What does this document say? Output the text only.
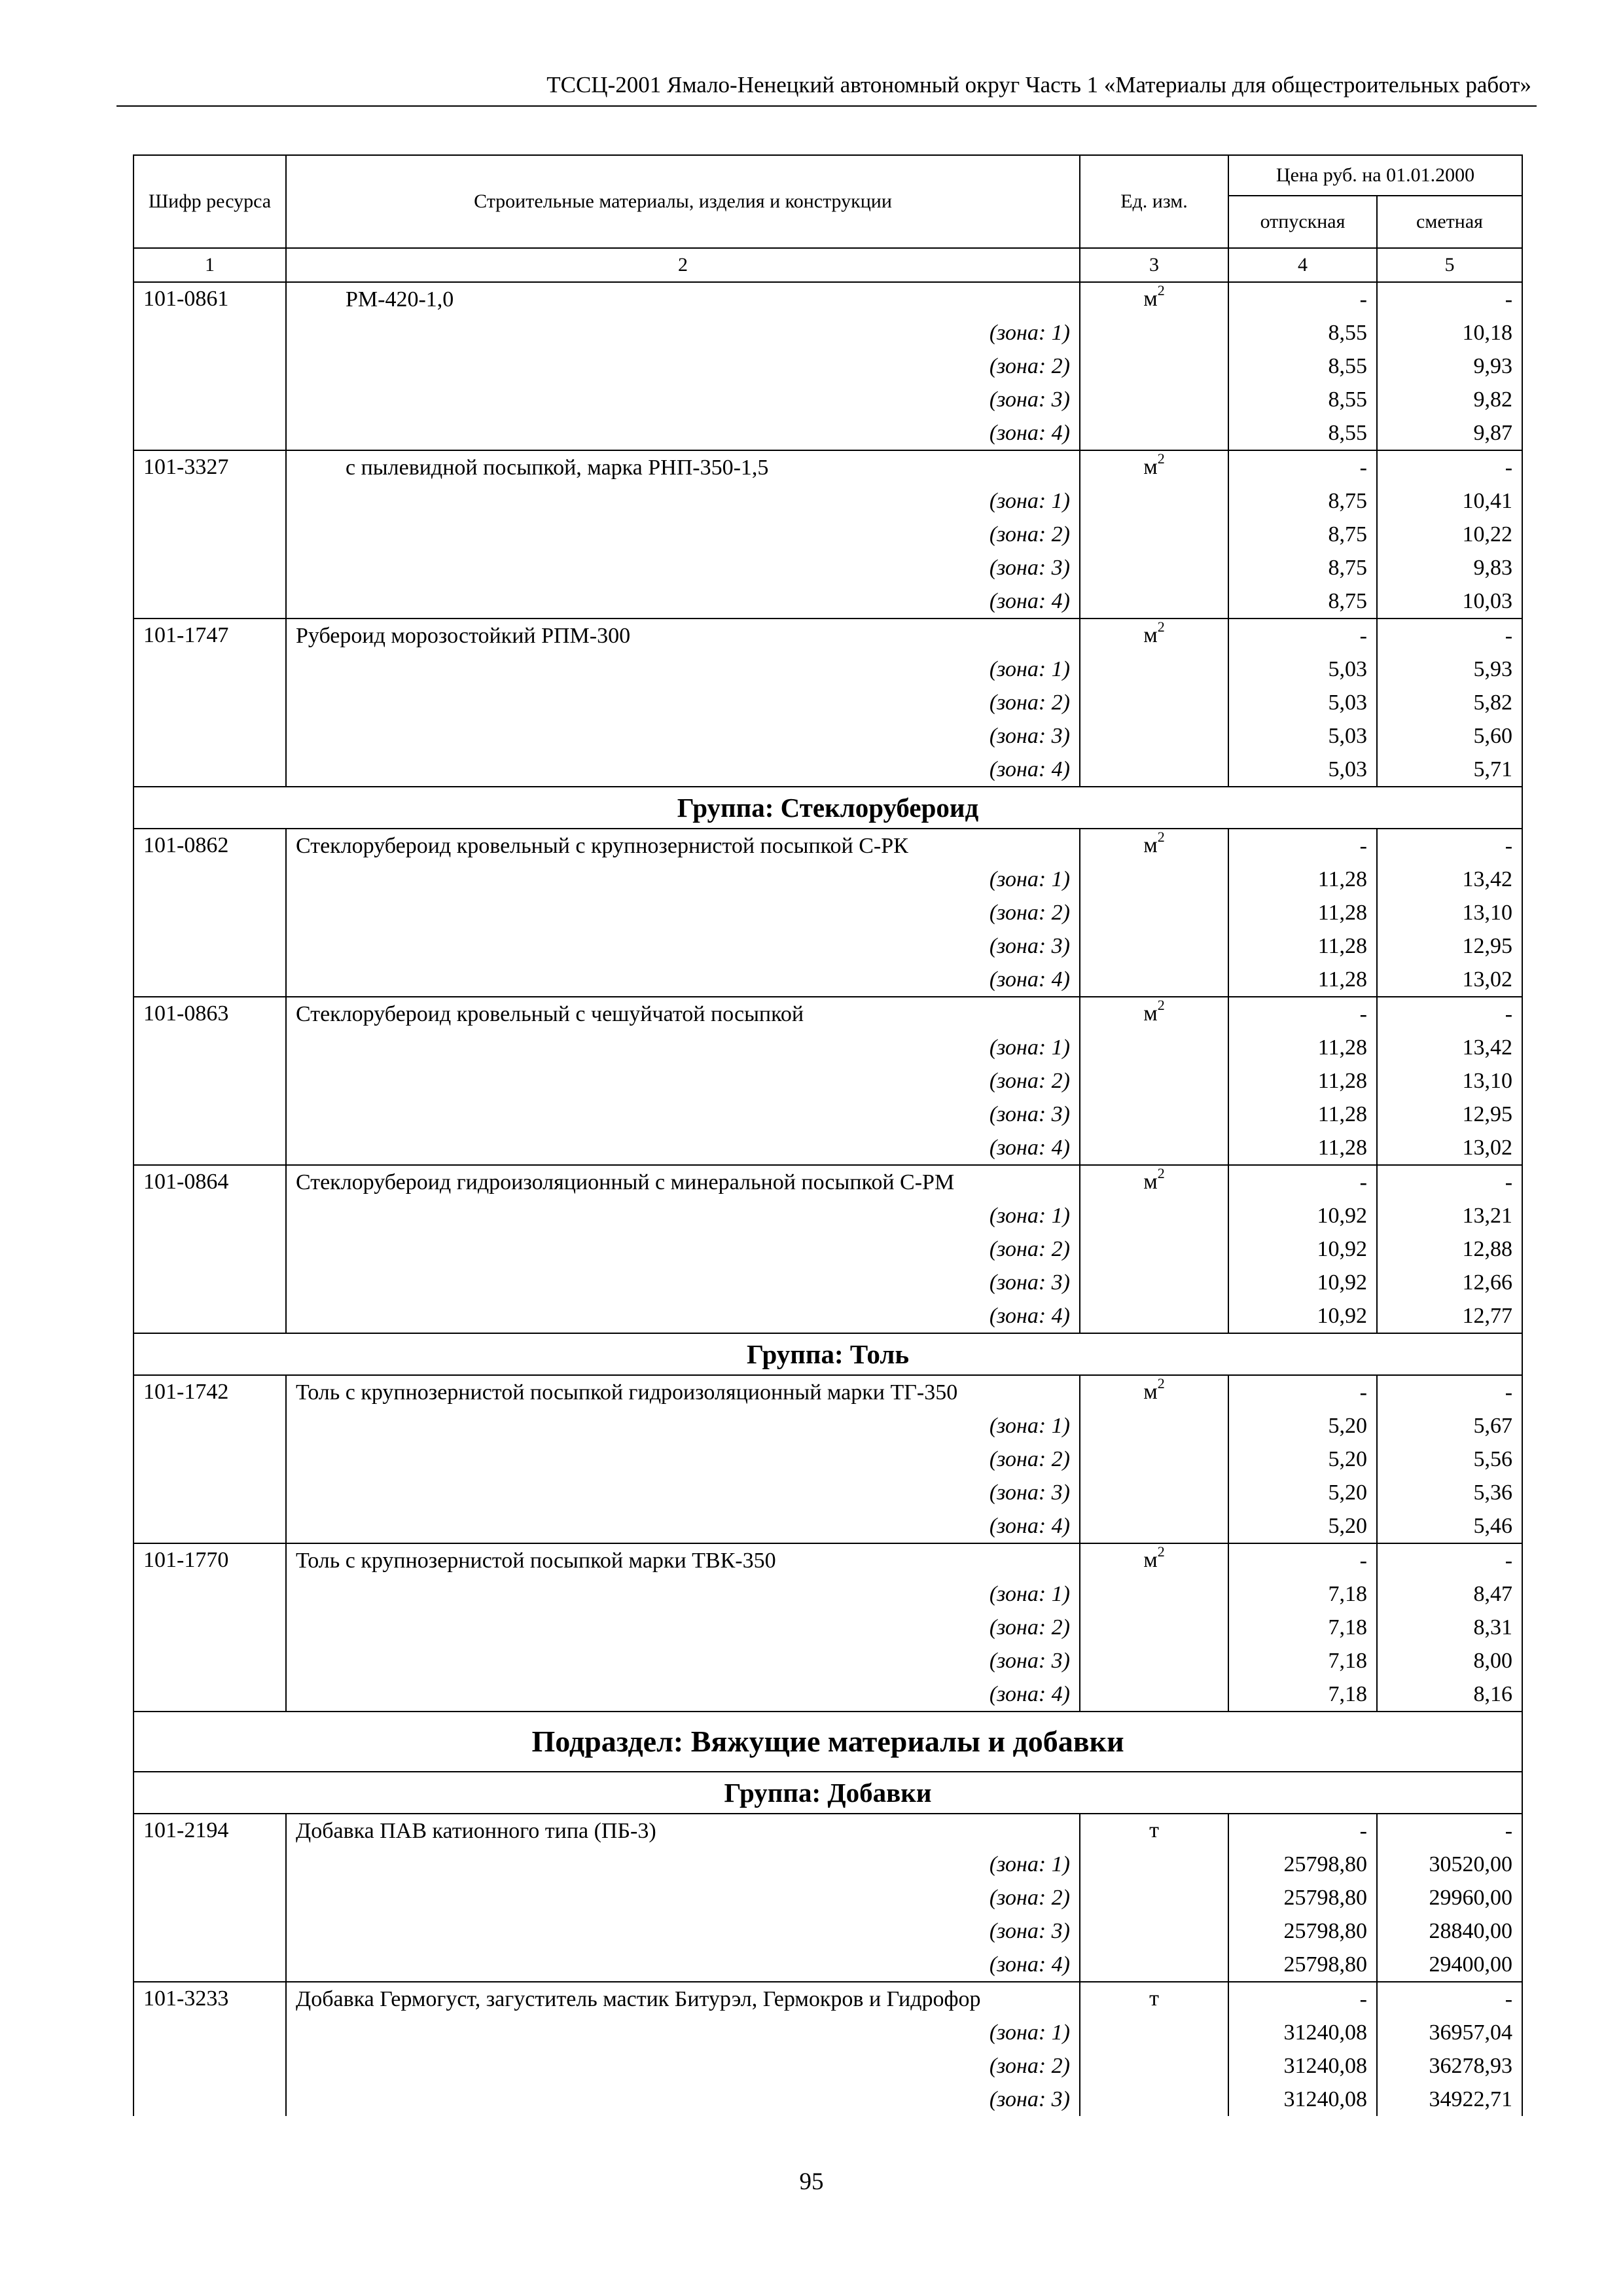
ТССЦ-2001 Ямало-Ненецкий автономный округ Часть 1 «Материалы для общестроительных работ»
Шифр ресурса	Строительные материалы, изделия и конструкции	Ед. изм.	Цена руб. на 01.01.2000	
			отпускная	сметная
1	2	3	4	5
101-0861	РМ-420-1,0	$м^2$	-	-
	(зона: 1)		8,55	10,18
	(зона: 2)		8,55	9,93
	(зона: 3)		8,55	9,82
	(зона: 4)		8,55	9,87
101-3327	с пылевидной посыпкой, марка РНП-350-1,5	$м^2$	-	-
	(зона: 1)		8,75	10,41
	(зона: 2)		8,75	10,22
	(зона: 3)		8,75	9,83
	(зона: 4)		8,75	10,03
101-1747	Рубероид морозостойкий РПМ-300	$м^2$	-	-
	(зона: 1)		5,03	5,93
	(зона: 2)		5,03	5,82
	(зона: 3)		5,03	5,60
	(зона: 4)		5,03	5,71
Группа: Стеклорубероид				
101-0862	Стеклорубероид кровельный с крупнозернистой посыпкой С-РК	$м^2$	-	-
	(зона: 1)		11,28	13,42
	(зона: 2)		11,28	13,10
	(зона: 3)		11,28	12,95
	(зона: 4)		11,28	13,02
101-0863	Стеклорубероид кровельный с чешуйчатой посыпкой	$м^2$	-	-
	(зона: 1)		11,28	13,42
	(зона: 2)		11,28	13,10
	(зона: 3)		11,28	12,95
	(зона: 4)		11,28	13,02
101-0864	Стеклорубероид гидроизоляционный с минеральной посыпкой С-РМ	$м^2$	-	-
	(зона: 1)		10,92	13,21
	(зона: 2)		10,92	12,88
	(зона: 3)		10,92	12,66
	(зона: 4)		10,92	12,77
Группа: Толь				
101-1742	Толь с крупнозернистой посыпкой гидроизоляционный марки ТГ-350	$м^2$	-	-
	(зона: 1)		5,20	5,67
	(зона: 2)		5,20	5,56
	(зона: 3)		5,20	5,36
	(зона: 4)		5,20	5,46
101-1770	Толь с крупнозернистой посыпкой марки ТВК-350	$м^2$	-	-
	(зона: 1)		7,18	8,47
	(зона: 2)		7,18	8,31
	(зона: 3)		7,18	8,00
	(зона: 4)		7,18	8,16
Подраздел: Вяжущие материалы и добавки				
Группа: Добавки				
101-2194	Добавка ПАВ катионного типа (ПБ-3)	т	-	-
	(зона: 1)		25798,80	30520,00
	(зона: 2)		25798,80	29960,00
	(зона: 3)		25798,80	28840,00
	(зона: 4)		25798,80	29400,00
101-3233	Добавка Гермогуст, загуститель мастик Битурэл, Гермокров и Гидрофор	т	-	-
	(зона: 1)		31240,08	36957,04
	(зона: 2)		31240,08	36278,93
	(зона: 3)		31240,08	34922,71
95
